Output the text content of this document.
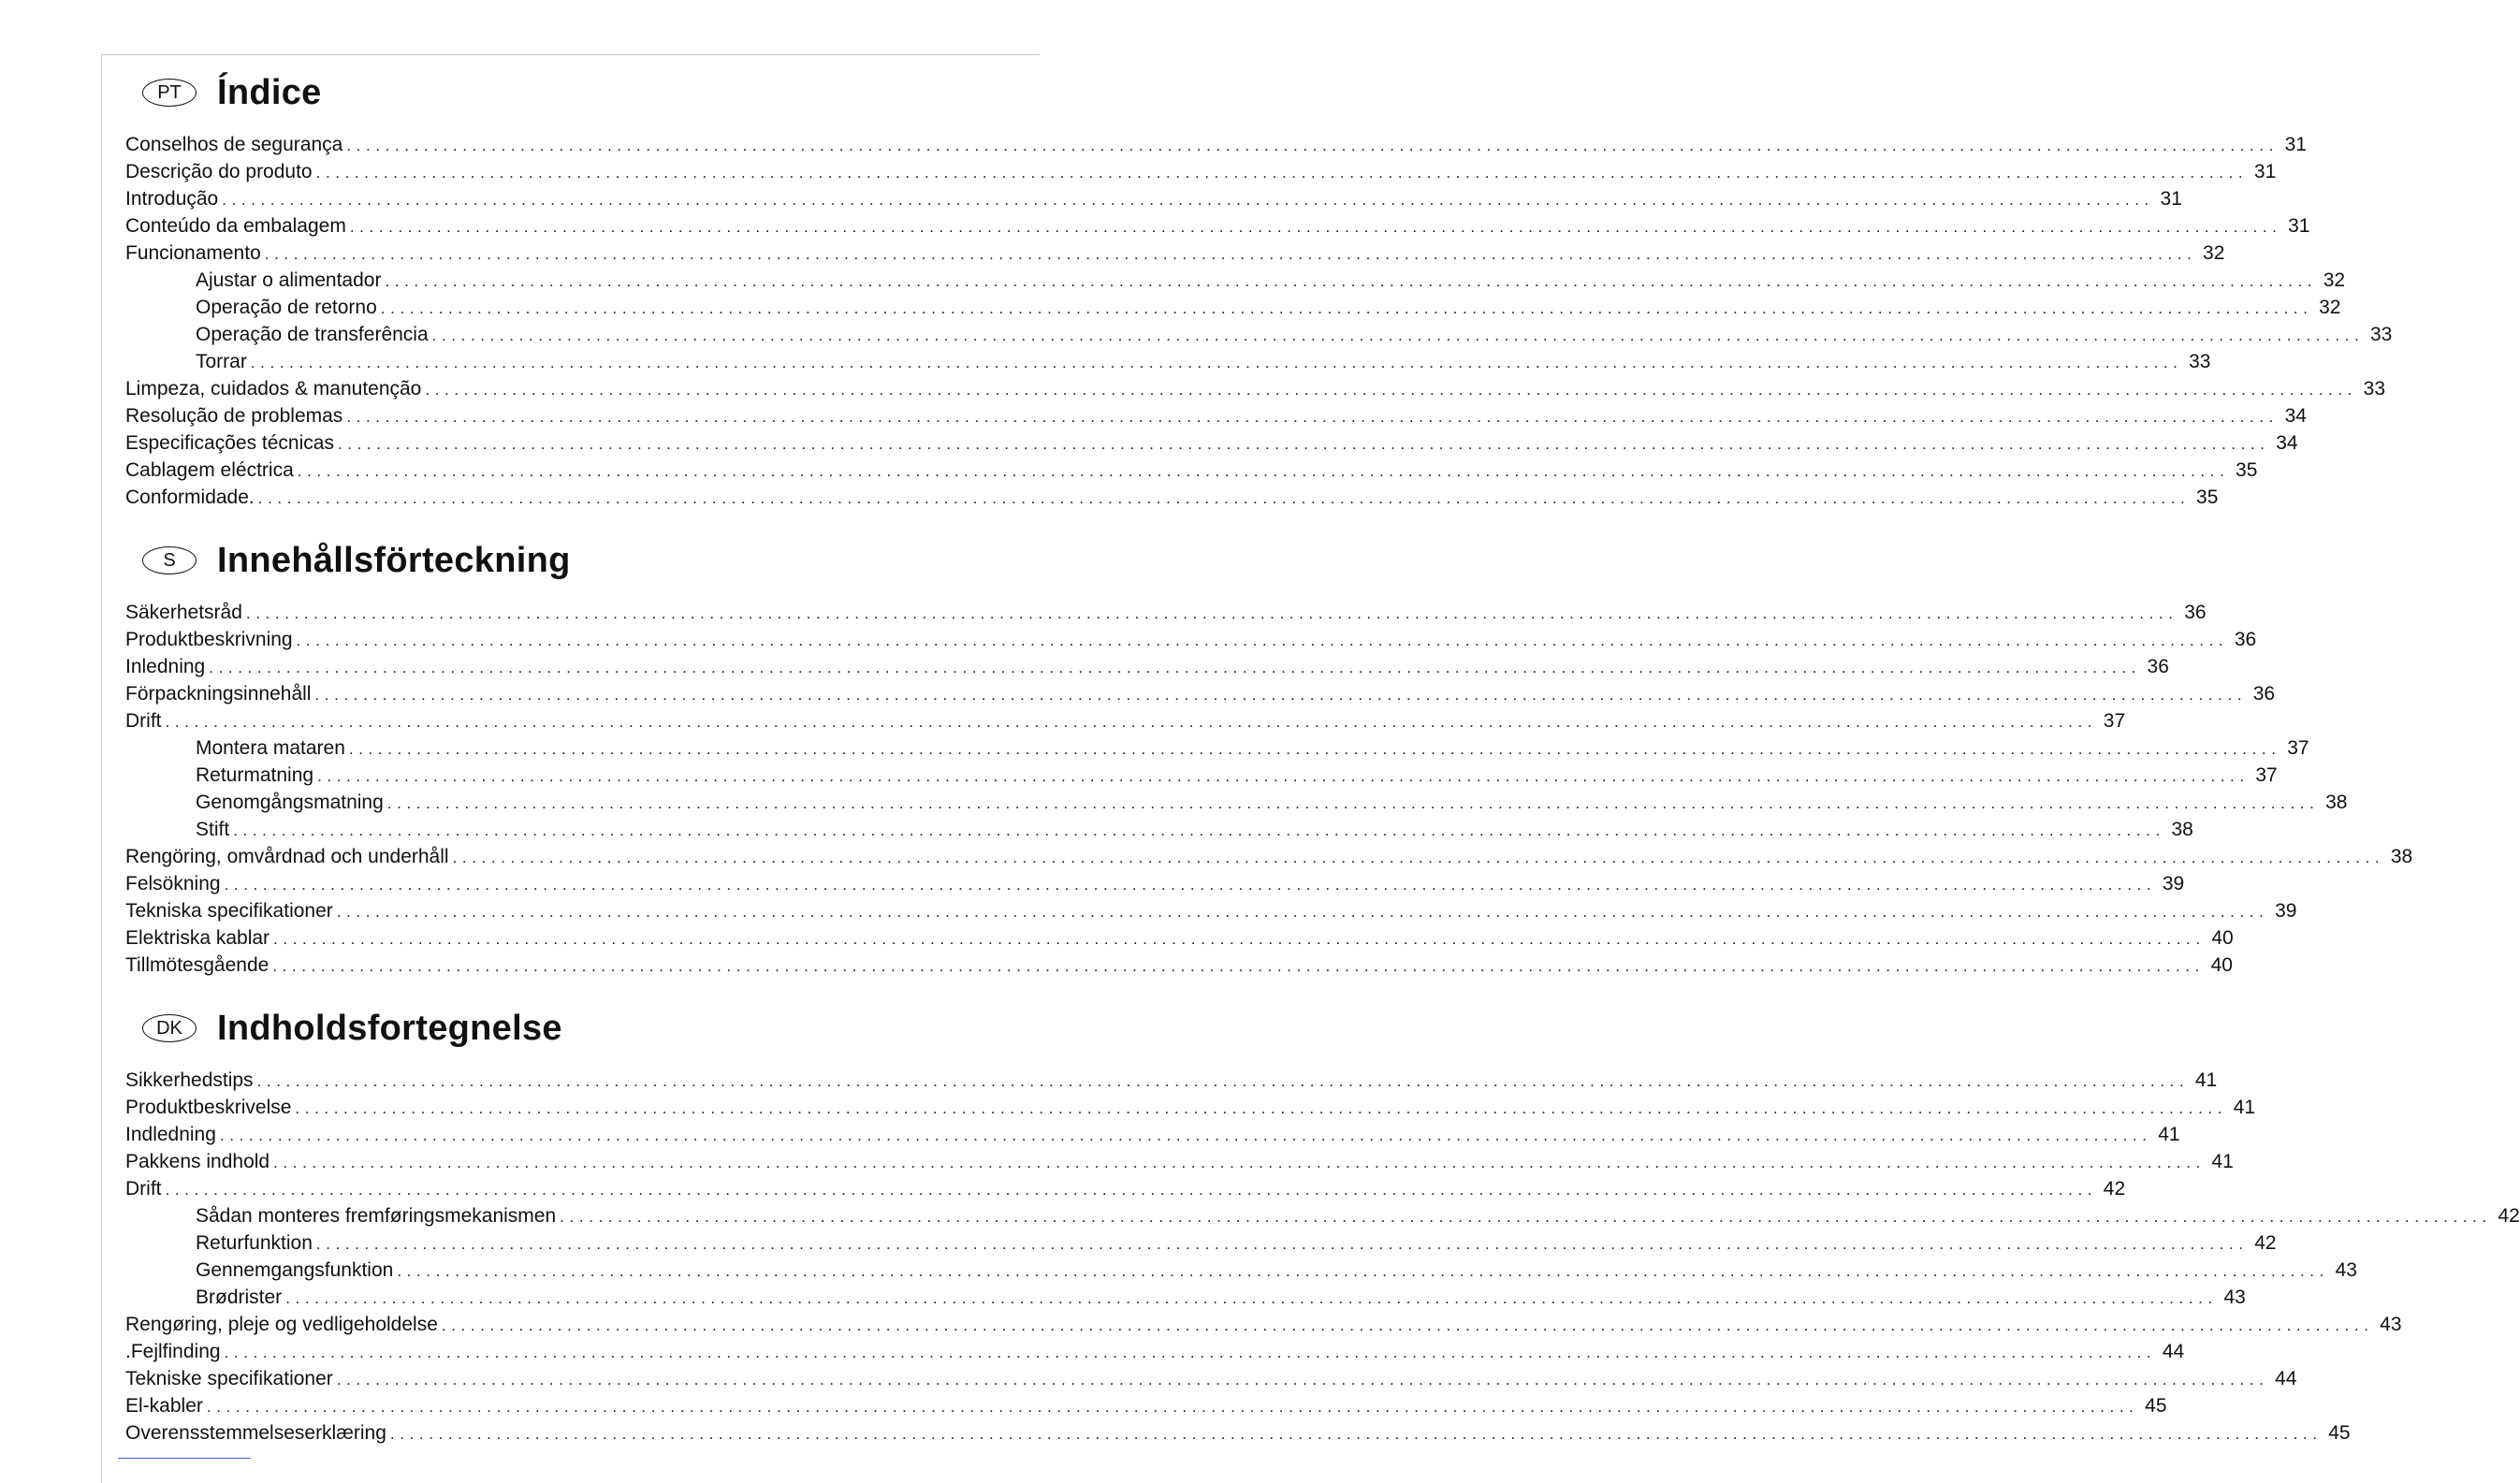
PT	Índice
Conselhos de segurança ........................................................................................................................................................................................................ 31
Descrição do produto ........................................................................................................................................................................................................ 31
Introdução ........................................................................................................................................................................................................ 31
Conteúdo da embalagem ........................................................................................................................................................................................................ 31
Funcionamento ........................................................................................................................................................................................................ 32
Ajustar o alimentador ........................................................................................................................................................................................................ 32
Operação de retorno ........................................................................................................................................................................................................ 32
Operação de transferência ........................................................................................................................................................................................................ 33
Torrar ........................................................................................................................................................................................................ 33
Limpeza, cuidados & manutenção ........................................................................................................................................................................................................ 33
Resolução de problemas ........................................................................................................................................................................................................ 34
Especificações técnicas ........................................................................................................................................................................................................ 34
Cablagem eléctrica ........................................................................................................................................................................................................ 35
Conformidade. ........................................................................................................................................................................................................ 35
S	Innehållsförteckning
Säkerhetsråd ........................................................................................................................................................................................................ 36
Produktbeskrivning ........................................................................................................................................................................................................ 36
Inledning ........................................................................................................................................................................................................ 36
Förpackningsinnehåll ........................................................................................................................................................................................................ 36
Drift ........................................................................................................................................................................................................ 37
Montera mataren ........................................................................................................................................................................................................ 37
Returmatning ........................................................................................................................................................................................................ 37
Genomgångsmatning ........................................................................................................................................................................................................ 38
Stift ........................................................................................................................................................................................................ 38
Rengöring, omvårdnad och underhåll ........................................................................................................................................................................................................ 38
Felsökning ........................................................................................................................................................................................................ 39
Tekniska specifikationer ........................................................................................................................................................................................................ 39
Elektriska kablar ........................................................................................................................................................................................................ 40
Tillmötesgående ........................................................................................................................................................................................................ 40
DK Indholdsfortegnelse
Sikkerhedstips ........................................................................................................................................................................................................ 41
Produktbeskrivelse ........................................................................................................................................................................................................ 41
Indledning ........................................................................................................................................................................................................ 41
Pakkens indhold ........................................................................................................................................................................................................ 41
Drift ........................................................................................................................................................................................................ 42
Sådan monteres fremføringsmekanismen ........................................................................................................................................................................................................ 42
Returfunktion ........................................................................................................................................................................................................ 42
Gennemgangsfunktion ........................................................................................................................................................................................................ 43
Brødrister ........................................................................................................................................................................................................ 43
Rengøring, pleje og vedligeholdelse ........................................................................................................................................................................................................ 43
.Fejlfinding ........................................................................................................................................................................................................ 44
Tekniske specifikationer ........................................................................................................................................................................................................ 44
El-kabler ........................................................................................................................................................................................................ 45
Overensstemmelseserklæring ........................................................................................................................................................................................................ 45
